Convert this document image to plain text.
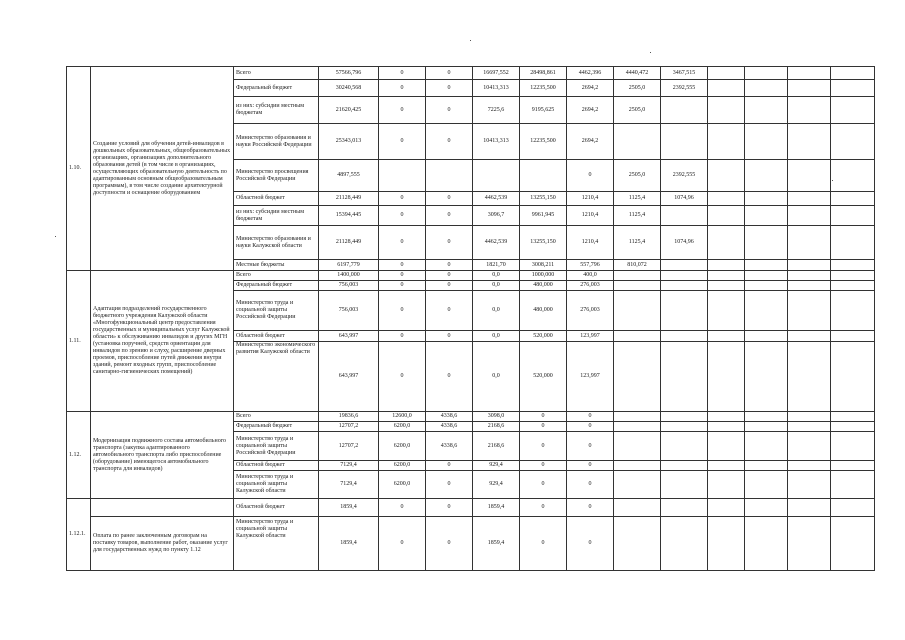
1.10.	Создание условий для обучения детей-инвалидов в дошкольных образовательных, общеобразовательных организациях, организациях дополнительного образования детей (в том числе в организациях, осуществляющих образовательную деятельность по адаптированным основным общеобразовательным программам), в том числе создание архитектурной доступности и оснащение оборудованием	Всего	57566,796	0	0	16697,552	28498,861	4462,396	4440,472	3467,515				
		Федеральный бюджет	30240,568	0	0	10413,313	12235,500	2694,2	2505,0	2392,555				
		из них: субсидии местным бюджетам	21620,425	0	0	7225,6	9195,625	2694,2	2505,0					
		Министерство образования и науки Российской Федерации	25343,013	0	0	10413,313	12235,500	2694,2						
		Министерство просвещения Российской Федерации	4897,555					0	2505,0	2392,555				
		Областной бюджет	21128,449	0	0	4462,539	13255,150	1210,4	1125,4	1074,96				
		из них: субсидии местным бюджетам	15394,445	0	0	3096,7	9961,945	1210,4	1125,4					
		Министерство образования и науки Калужской области	21128,449	0	0	4462,539	13255,150	1210,4	1125,4	1074,96				
		Местные бюджеты	6197,779	0	0	1821,70	3008,211	557,796	810,072					
1.11.	Адаптация подразделений государственного бюджетного учреждения Калужской области «Многофункциональный центр предоставления государственных и муниципальных услуг Калужской области» к обслуживанию инвалидов и других МГН (установка поручней, средств ориентации для инвалидов по зрению и слуху, расширение дверных проемов, приспособление путей движения внутри зданий, ремонт входных групп, приспособление санитарно-гигиенических помещений)	Всего	1400,000	0	0	0,0	1000,000	400,0						
		Федеральный бюджет	756,003	0	0	0,0	480,000	276,003						
		Министерство труда и социальной защиты Российской Федерации	756,003	0	0	0,0	480,000	276,003						
		Областной бюджет	643,997	0	0	0,0	520,000	123,997						
		Министерство экономического развития Калужской области	643,997	0	0	0,0	520,000	123,997						
1.12.	Модернизация подвижного состава автомобильного транспорта (закупка адаптированного автомобильного транспорта либо приспособление (оборудование) имеющегося автомобильного транспорта для инвалидов)	Всего	19836,6	12600,0	4338,6	3098,0	0	0						
		Федеральный бюджет	12707,2	6200,0	4338,6	2168,6	0	0						
		Министерство труда и социальной защиты Российской Федерации	12707,2	6200,0	4338,6	2168,6	0	0						
		Областной бюджет	7129,4	6200,0	0	929,4	0	0						
		Министерство труда и социальной защиты Калужской области	7129,4	6200,0	0	929,4	0	0						
1.12.1.		Областной бюджет	1859,4	0	0	1859,4	0	0						
	Оплата по ранее заключенным договорам на поставку товаров, выполнение работ, оказание услуг для государственных нужд по пункту 1.12	Министерство труда и социальной защиты Калужской области	1859,4	0	0	1859,4	0	0						
